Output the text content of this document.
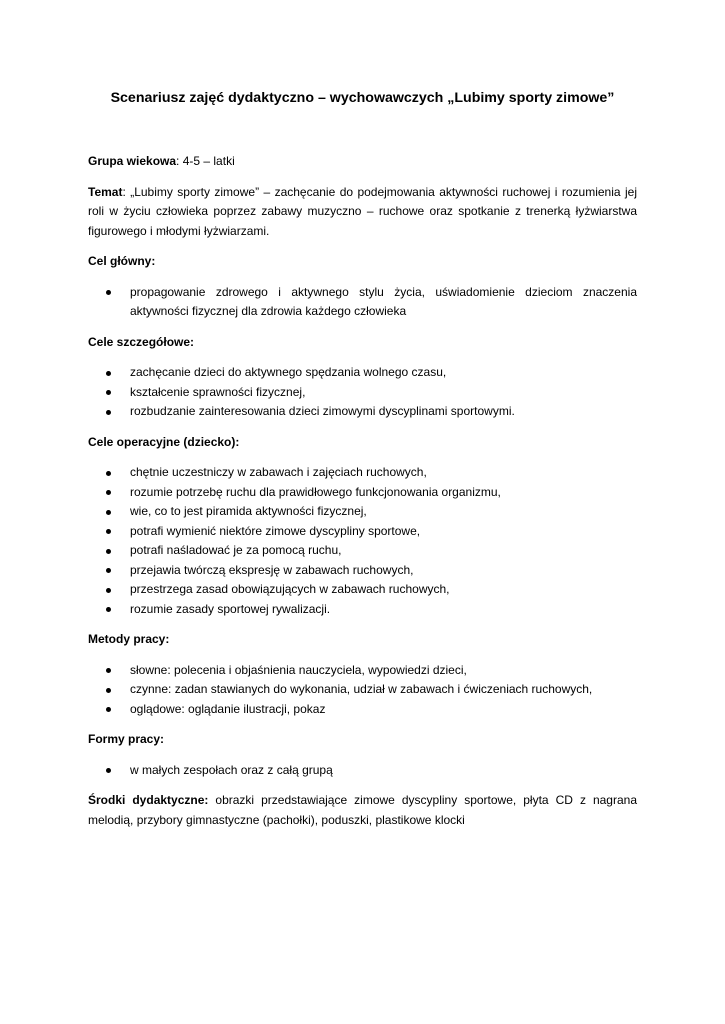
Scenariusz zajęć dydaktyczno – wychowawczych „Lubimy sporty zimowe”

Grupa wiekowa: 4-5 – latki

Temat: „Lubimy sporty zimowe” – zachęcanie do podejmowania aktywności ruchowej i rozumienia jej roli w życiu człowieka poprzez zabawy muzyczno – ruchowe oraz spotkanie z trenerką łyżwiarstwa figurowego i młodymi łyżwiarzami.

Cel główny:
propagowanie zdrowego i aktywnego stylu życia, uświadomienie dzieciom znaczenia aktywności fizycznej dla zdrowia każdego człowieka
Cele szczegółowe:
zachęcanie dzieci do aktywnego spędzania wolnego czasu,
kształcenie sprawności fizycznej,
rozbudzanie zainteresowania dzieci zimowymi dyscyplinami sportowymi.
Cele operacyjne (dziecko):
chętnie uczestniczy w zabawach i zajęciach ruchowych,
rozumie potrzebę ruchu dla prawidłowego funkcjonowania organizmu,
wie, co to jest piramida aktywności fizycznej,
potrafi wymienić niektóre zimowe dyscypliny sportowe,
potrafi naśladować je za pomocą ruchu,
przejawia twórczą ekspresję w zabawach ruchowych,
przestrzega zasad obowiązujących w zabawach ruchowych,
rozumie zasady sportowej rywalizacji.
Metody pracy:
słowne: polecenia i objaśnienia nauczyciela, wypowiedzi dzieci,
czynne: zadan stawianych do wykonania, udział w zabawach i ćwiczeniach ruchowych,
oglądowe: oglądanie ilustracji, pokaz
Formy pracy:
w małych zespołach oraz z całą grupą

Środki dydaktyczne: obrazki przedstawiające zimowe dyscypliny sportowe, płyta CD z nagrana melodią, przybory gimnastyczne (pachołki), poduszki, plastikowe klocki
